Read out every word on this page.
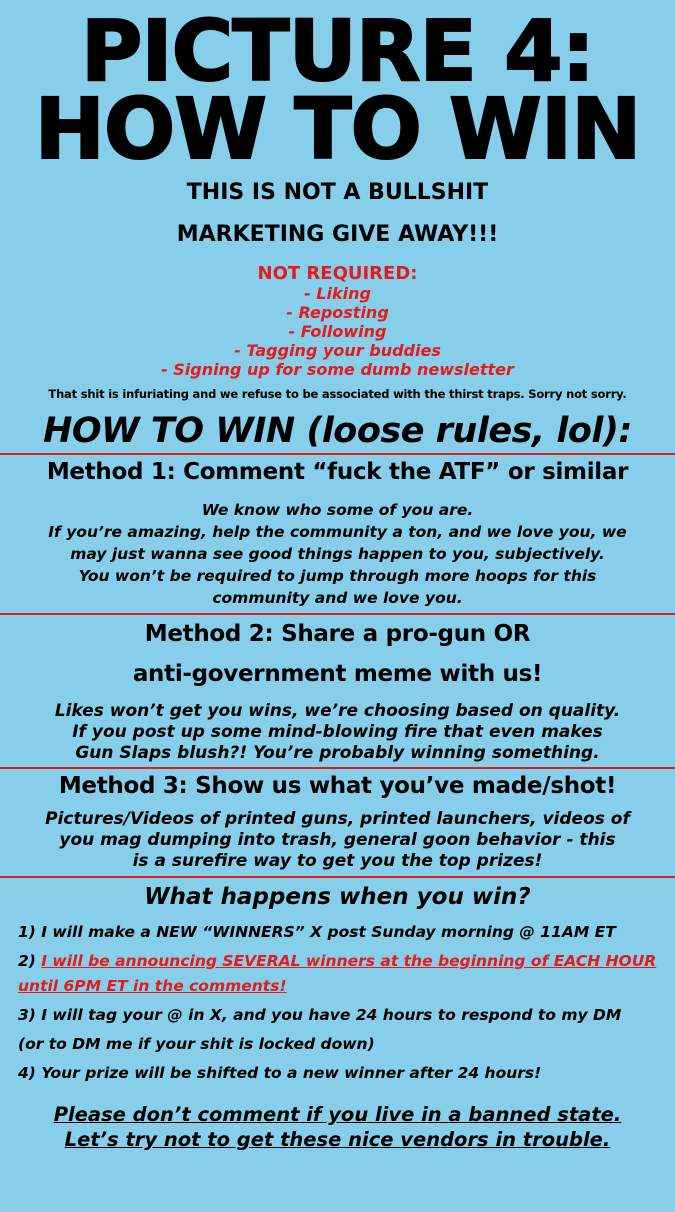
PICTURE 4:
HOW TO WIN
THIS IS NOT A BULLSHIT
MARKETING GIVE AWAY!!!
NOT REQUIRED:
- Liking
- Reposting
- Following
- Tagging your buddies
- Signing up for some dumb newsletter
That shit is infuriating and we refuse to be associated with the thirst traps. Sorry not sorry.
HOW TO WIN (loose rules, lol):
Method 1: Comment “fuck the ATF” or similar
We know who some of you are.
If you’re amazing, help the community a ton, and we love you, we
may just wanna see good things happen to you, subjectively.
You won’t be required to jump through more hoops for this
community and we love you.
Method 2: Share a pro-gun OR
anti-government meme with us!
Likes won’t get you wins, we’re choosing based on quality.
If you post up some mind-blowing fire that even makes
Gun Slaps blush?! You’re probably winning something.
Method 3: Show us what you’ve made/shot!
Pictures/Videos of printed guns, printed launchers, videos of
you mag dumping into trash, general goon behavior - this
is a surefire way to get you the top prizes!
What happens when you win?
1) I will make a NEW “WINNERS” X post Sunday morning @ 11AM ET
2) I will be announcing SEVERAL winners at the beginning of EACH HOUR until 6PM ET in the comments!
3) I will tag your @ in X, and you have 24 hours to respond to my DM
(or to DM me if your shit is locked down)
4) Your prize will be shifted to a new winner after 24 hours!
Please don’t comment if you live in a banned state.
Let’s try not to get these nice vendors in trouble.
